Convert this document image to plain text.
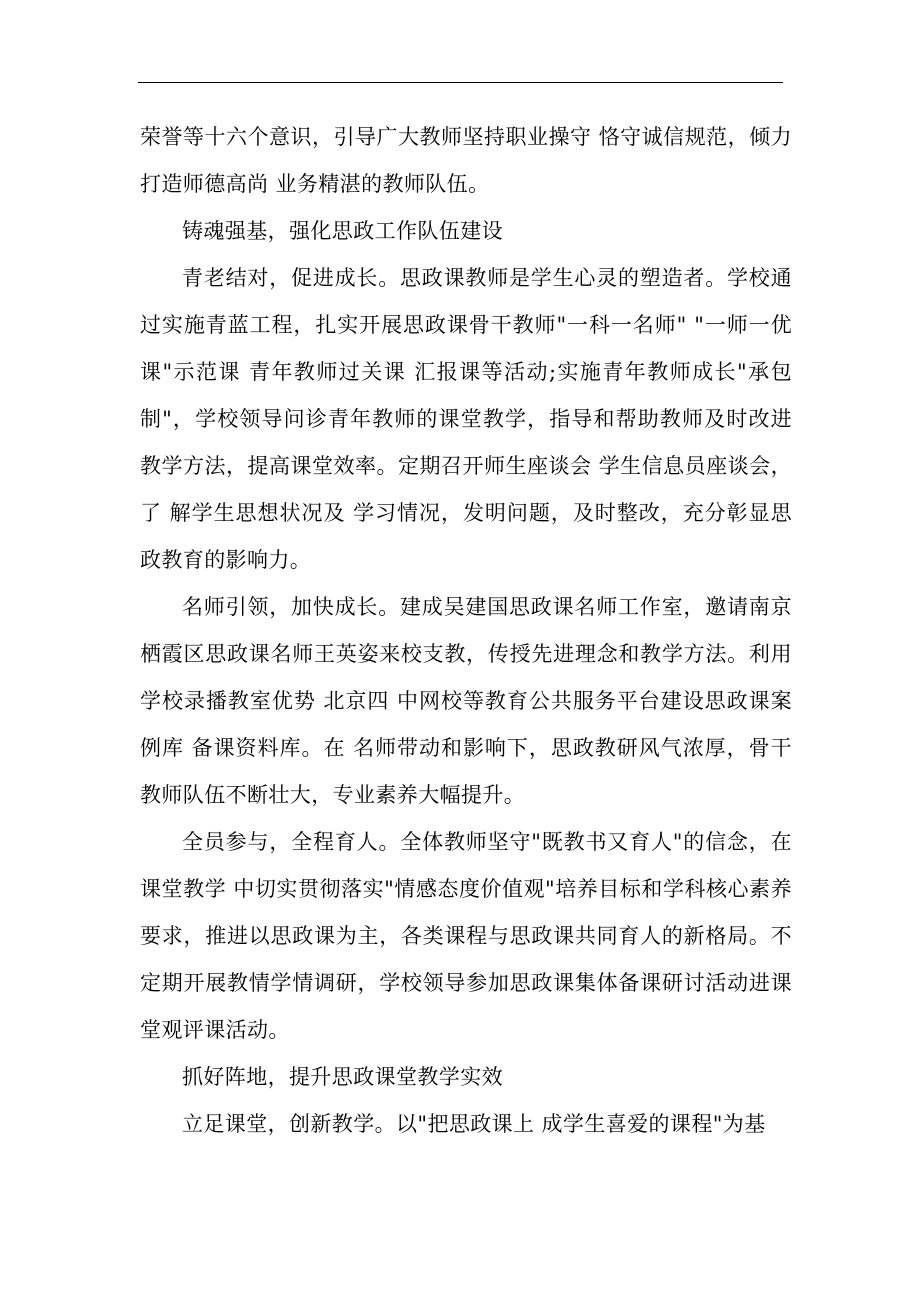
荣誉等十六个意识，引导广大教师坚持职业操守 恪守诚信规范，倾力打造师德高尚 业务精湛的教师队伍。

铸魂强基，强化思政工作队伍建设

青老结对，促进成长。思政课教师是学生心灵的塑造者。学校通过实施青蓝工程，扎实开展思政课骨干教师"一科一名师" "一师一优课"示范课 青年教师过关课 汇报课等活动;实施青年教师成长"承包制"，学校领导问诊青年教师的课堂教学，指导和帮助教师及时改进教学方法，提高课堂效率。定期召开师生座谈会 学生信息员座谈会，了 解学生思想状况及 学习情况，发明问题，及时整改，充分彰显思政教育的影响力。

名师引领，加快成长。建成吴建国思政课名师工作室，邀请南京栖霞区思政课名师王英姿来校支教，传授先进理念和教学方法。利用学校录播教室优势 北京四 中网校等教育公共服务平台建设思政课案例库 备课资料库。在 名师带动和影响下，思政教研风气浓厚，骨干教师队伍不断壮大，专业素养大幅提升。

全员参与，全程育人。全体教师坚守"既教书又育人"的信念，在课堂教学 中切实贯彻落实"情感态度价值观"培养目标和学科核心素养要求，推进以思政课为主，各类课程与思政课共同育人的新格局。不定期开展教情学情调研，学校领导参加思政课集体备课研讨活动进课堂观评课活动。

抓好阵地，提升思政课堂教学实效

立足课堂，创新教学。以"把思政课上 成学生喜爱的课程"为基
